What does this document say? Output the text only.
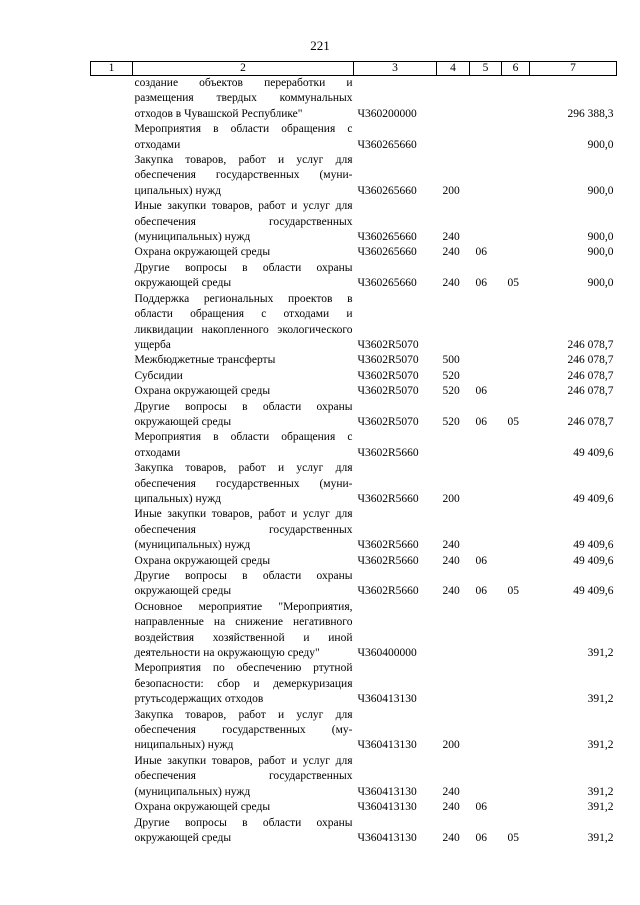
221
1	2	3	4	5	6	7
	создание объектов переработки и размещения твердых коммунальных отходов в Чувашской Республике"	Ч360200000				296 388,3
	Мероприятия в области обращения с отходами	Ч360265660				900,0
	Закупка товаров, работ и услуг для обеспечения государственных (муниципальных) нужд	Ч360265660	200			900,0
	Иные закупки товаров, работ и услуг для обеспечения государственных (муниципальных) нужд	Ч360265660	240			900,0
	Охрана окружающей среды	Ч360265660	240	06		900,0
	Другие вопросы в области охраны окружающей среды	Ч360265660	240	06	05	900,0
	Поддержка региональных проектов в области обращения с отходами и ликвидации накопленного экологического ущерба	Ч3602R5070				246 078,7
	Межбюджетные трансферты	Ч3602R5070	500			246 078,7
	Субсидии	Ч3602R5070	520			246 078,7
	Охрана окружающей среды	Ч3602R5070	520	06		246 078,7
	Другие вопросы в области охраны окружающей среды	Ч3602R5070	520	06	05	246 078,7
	Мероприятия в области обращения с отходами	Ч3602R5660				49 409,6
	Закупка товаров, работ и услуг для обеспечения государственных (муниципальных) нужд	Ч3602R5660	200			49 409,6
	Иные закупки товаров, работ и услуг для обеспечения государственных (муниципальных) нужд	Ч3602R5660	240			49 409,6
	Охрана окружающей среды	Ч3602R5660	240	06		49 409,6
	Другие вопросы в области охраны окружающей среды	Ч3602R5660	240	06	05	49 409,6
	Основное мероприятие "Мероприятия, направленные на снижение негативного воздействия хозяйственной и иной деятельности на окружающую среду"	Ч360400000				391,2
	Мероприятия по обеспечению ртутной безопасности: сбор и демеркуризация ртутьсодержащих отходов	Ч360413130				391,2
	Закупка товаров, работ и услуг для обеспечения государственных (муниципальных) нужд	Ч360413130	200			391,2
	Иные закупки товаров, работ и услуг для обеспечения государственных (муниципальных) нужд	Ч360413130	240			391,2
	Охрана окружающей среды	Ч360413130	240	06		391,2
	Другие вопросы в области охраны окружающей среды	Ч360413130	240	06	05	391,2
